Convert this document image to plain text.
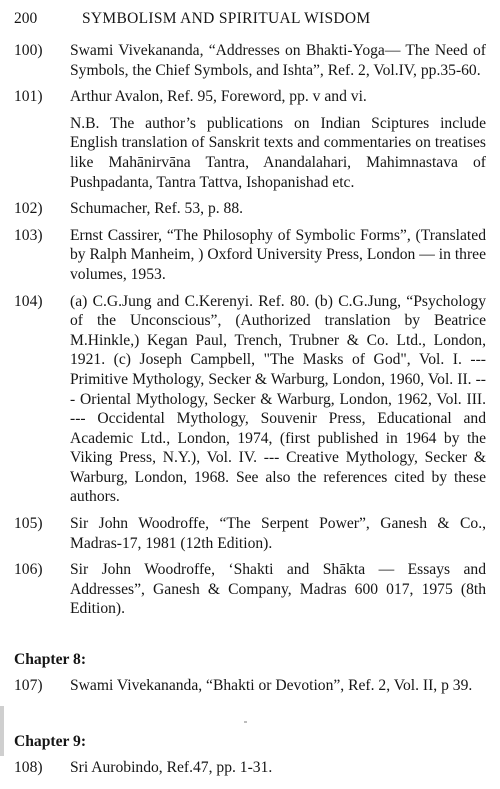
200	SYMBOLISM AND SPIRITUAL WISDOM
100)	Swami Vivekananda, “Addresses on Bhakti-Yoga— The Need of Symbols, the Chief Symbols, and Ishta”, Ref. 2, Vol.IV, pp.35-60.

101)	Arthur Avalon, Ref. 95, Foreword, pp. v and vi.

N.B. The author’s publications on Indian Sciptures include English translation of Sanskrit texts and commentaries on treatises like Mahānirvāna Tantra, Anandalahari, Mahimnastava of Pushpadanta, Tantra Tattva, Ishopanishad etc.

102)	Schumacher, Ref. 53, p. 88.

103)	Ernst Cassirer, “The Philosophy of Symbolic Forms”, (Translated by Ralph Manheim, ) Oxford University Press, London — in three volumes, 1953.

104)	(a) C.G.Jung and C.Kerenyi. Ref. 80. (b) C.G.Jung, “Psychology of the Unconscious”, (Authorized translation by Beatrice M.Hinkle,) Kegan Paul, Trench, Trubner & Co. Ltd., London, 1921. (c) Joseph Campbell, "The Masks of God", Vol. I. --- Primitive Mythology, Secker & Warburg, London, 1960, Vol. II. --- Oriental Mythology, Secker & Warburg, London, 1962, Vol. III. --- Occidental Mythology, Souvenir Press, Educational and Academic Ltd., London, 1974, (first published in 1964 by the Viking Press, N.Y.), Vol. IV. --- Creative Mythology, Secker & Warburg, London, 1968. See also the references cited by these authors.

105)	Sir John Woodroffe, “The Serpent Power”, Ganesh & Co., Madras-17, 1981 (12th Edition).

106)	Sir John Woodroffe, ‘Shakti and Shākta — Essays and Addresses”, Ganesh & Company, Madras 600 017, 1975 (8th Edition).

Chapter 8:
107)	Swami Vivekananda, “Bhakti or Devotion”, Ref. 2, Vol. II, p 39.

Chapter 9:
108)	Sri Aurobindo, Ref.47, pp. 1-31.
